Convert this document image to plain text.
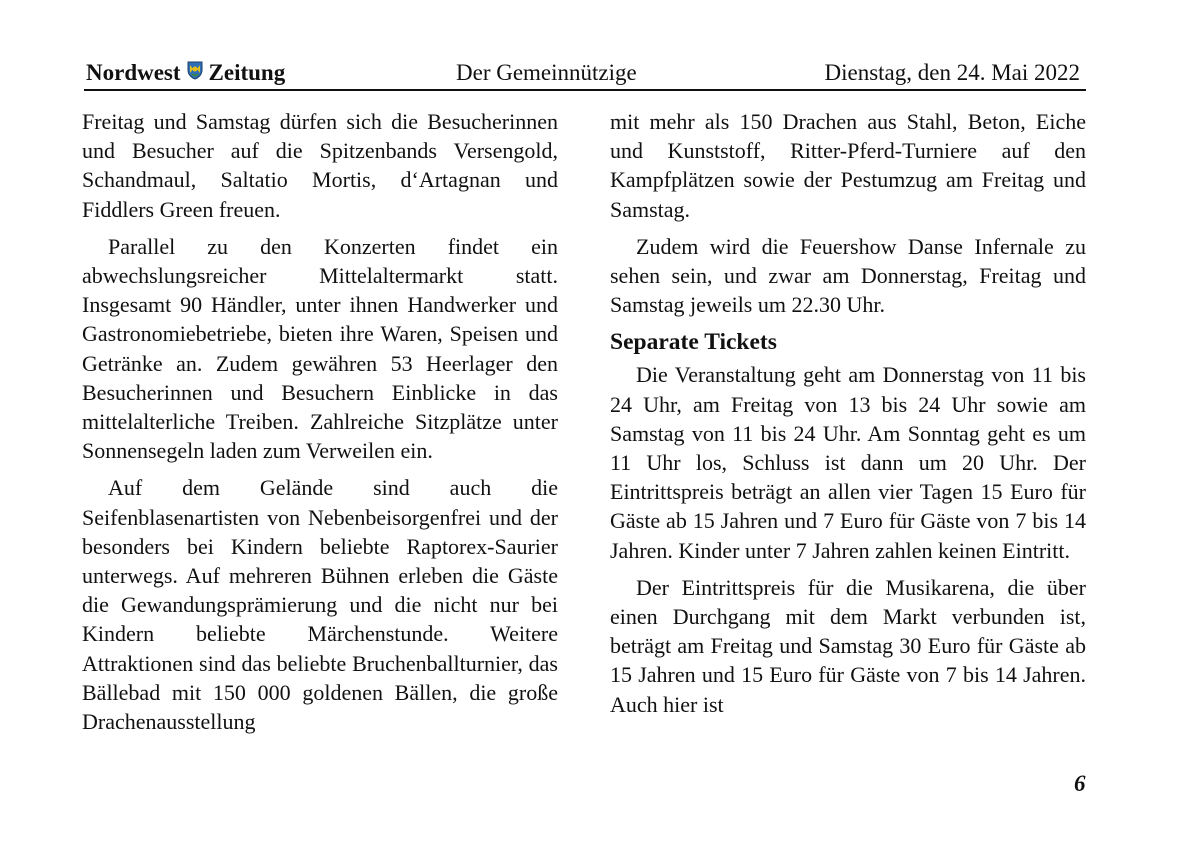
Nordwest Zeitung	Der Gemeinnützige	Dienstag, den 24. Mai 2022

Freitag und Samstag dürfen sich die Besucherinnen und Besucher auf die Spitzenbands Versengold, Schandmaul, Saltatio Mortis, d‘Artagnan und Fiddlers Green freuen.

Parallel zu den Konzerten findet ein abwechslungsreicher Mittelaltermarkt statt. Insgesamt 90 Händler, unter ihnen Handwerker und Gastronomiebetriebe, bieten ihre Waren, Speisen und Getränke an. Zudem gewähren 53 Heerlager den Besucherinnen und Besuchern Einblicke in das mittelalterliche Treiben. Zahlreiche Sitzplätze unter Sonnensegeln laden zum Verweilen ein.

Auf dem Gelände sind auch die Seifenblasenartisten von Nebenbeisorgenfrei und der besonders bei Kindern beliebte Raptorex-Saurier unterwegs. Auf mehreren Bühnen erleben die Gäste die Gewandungsprämierung und die nicht nur bei Kindern beliebte Märchenstunde. Weitere Attraktionen sind das beliebte Bruchenballturnier, das Bällebad mit 150 000 goldenen Bällen, die große Drachenausstellung

mit mehr als 150 Drachen aus Stahl, Beton, Eiche und Kunststoff, Ritter-Pferd-Turniere auf den Kampfplätzen sowie der Pestumzug am Freitag und Samstag.

Zudem wird die Feuershow Danse Infernale zu sehen sein, und zwar am Donnerstag, Freitag und Samstag jeweils um 22.30 Uhr.

Separate Tickets

Die Veranstaltung geht am Donnerstag von 11 bis 24 Uhr, am Freitag von 13 bis 24 Uhr sowie am Samstag von 11 bis 24 Uhr. Am Sonntag geht es um 11 Uhr los, Schluss ist dann um 20 Uhr. Der Eintrittspreis beträgt an allen vier Tagen 15 Euro für Gäste ab 15 Jahren und 7 Euro für Gäste von 7 bis 14 Jahren. Kinder unter 7 Jahren zahlen keinen Eintritt.

Der Eintrittspreis für die Musikarena, die über einen Durchgang mit dem Markt verbunden ist, beträgt am Freitag und Samstag 30 Euro für Gäste ab 15 Jahren und 15 Euro für Gäste von 7 bis 14 Jahren. Auch hier ist

6
